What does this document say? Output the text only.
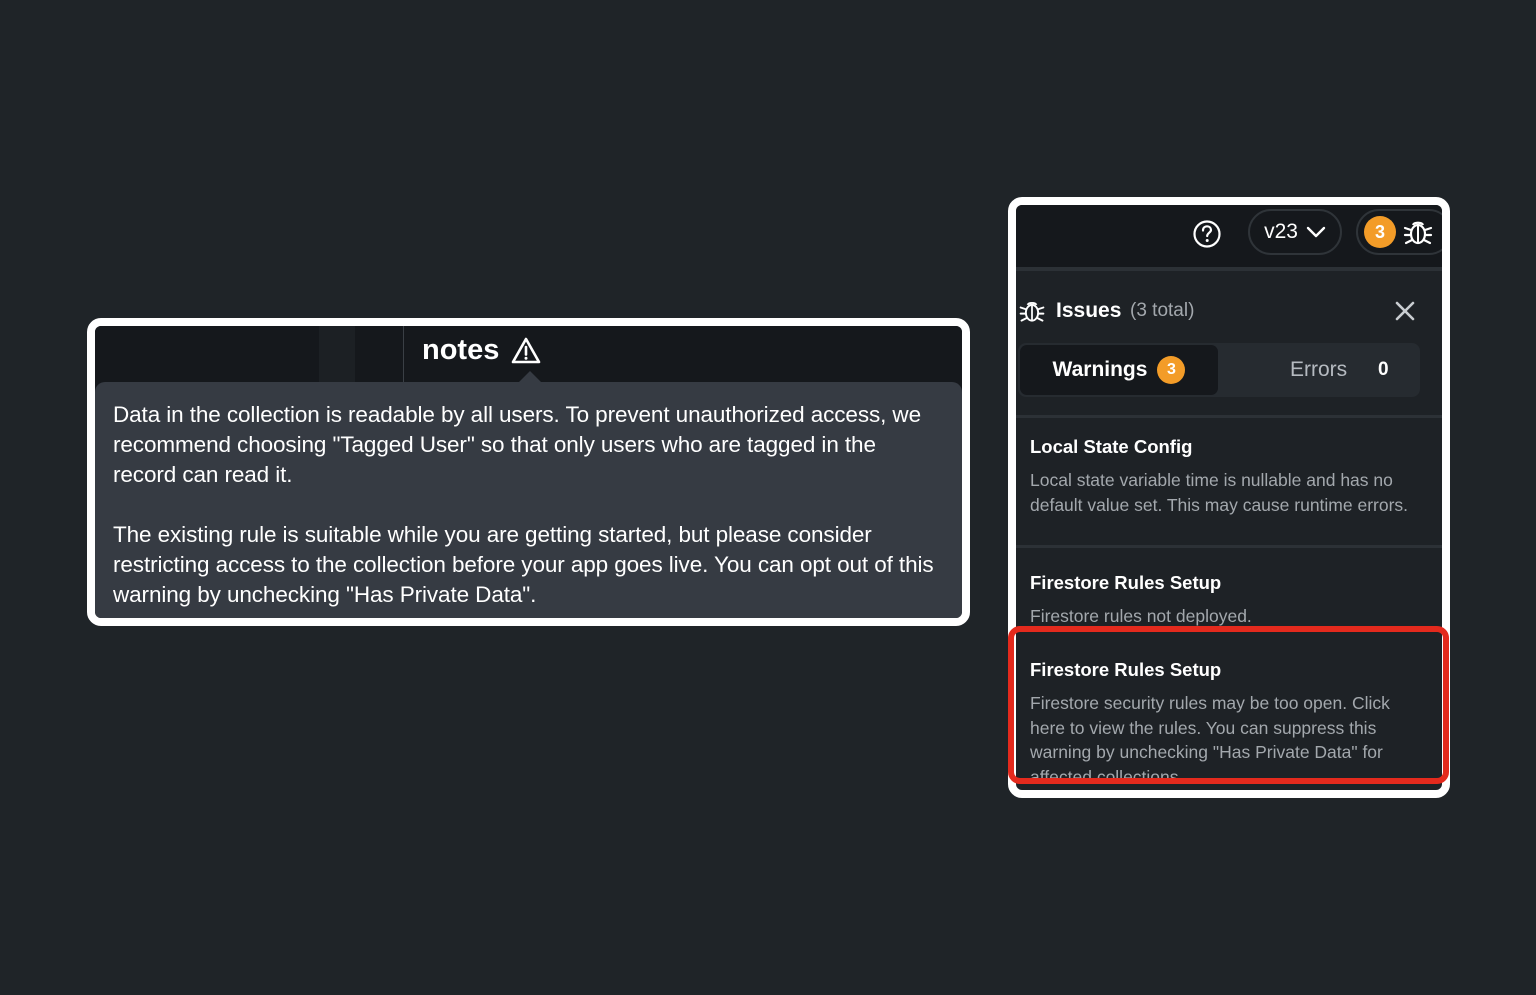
notes

Data in the collection is readable by all users. To prevent unauthorized access, we recommend choosing "Tagged User" so that only users who are tagged in the record can read it.

The existing rule is suitable while you are getting started, but please consider restricting access to the collection before your app goes live. You can opt out of this warning by unchecking "Has Private Data".

v23	3
Issues (3 total)
Warnings	3	Errors 0
Local State Config
Local state variable time is nullable and has no default value set. This may cause runtime errors.
Firestore Rules Setup
Firestore rules not deployed.
Firestore Rules Setup
Firestore security rules may be too open. Click here to view the rules. You can suppress this warning by unchecking "Has Private Data" for affected collections.
